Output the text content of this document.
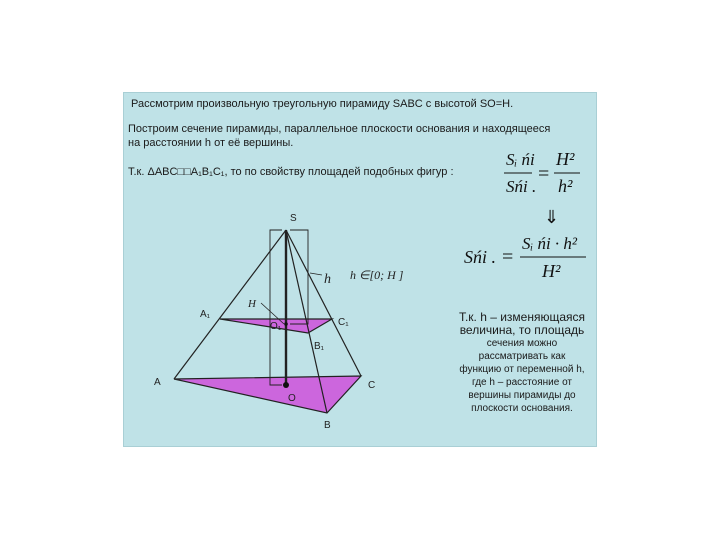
Рассмотрим произвольную треугольную пирамиду SABC с высотой SO=H.
Построим сечение пирамиды, параллельное плоскости основания и находящееся
на расстоянии h от её вершины.
Т.к. ΔABC□□A₁B₁C₁, то по свойству площадей подобных фигур :
S
A
B
C
O
A₁
B₁
C₁
O₁
H
h h ∈[0; H ]
Sᵢ ńі
Sńі .
=
H²
h²
⇓
Sńі . =
Sᵢ ńі · h²
H²
Т.к. h – изменяющаяся
величина, то площадь
сечения можно
рассматривать как
функцию от переменной h,
где h – расстояние от
вершины пирамиды до
плоскости основания.
